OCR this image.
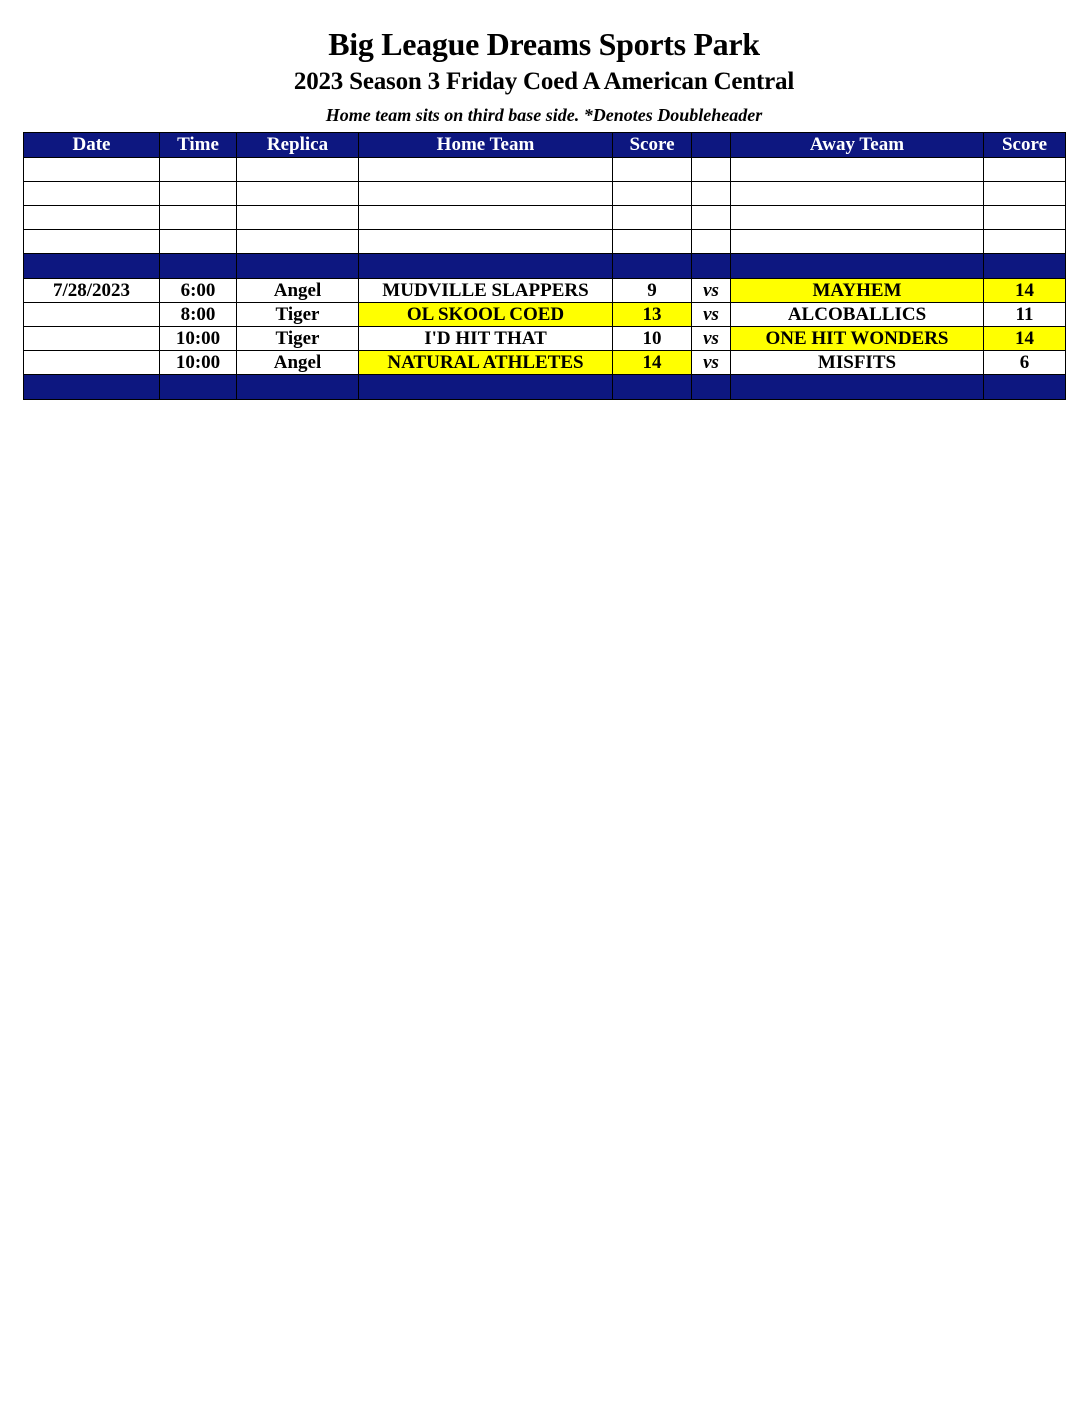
Big League Dreams Sports Park
2023 Season 3 Friday Coed A American Central
Home team sits on third base side. *Denotes Doubleheader
Date	Time	Replica	Home Team	Score		Away Team	Score

7/28/2023	6:00	Angel	MUDVILLE SLAPPERS	9	vs	MAYHEM	14
	8:00	Tiger	OL SKOOL COED	13	vs	ALCOBALLICS	11
	10:00	Tiger	I'D HIT THAT	10	vs	ONE HIT WONDERS	14
	10:00	Angel	NATURAL ATHLETES	14	vs	MISFITS	6
